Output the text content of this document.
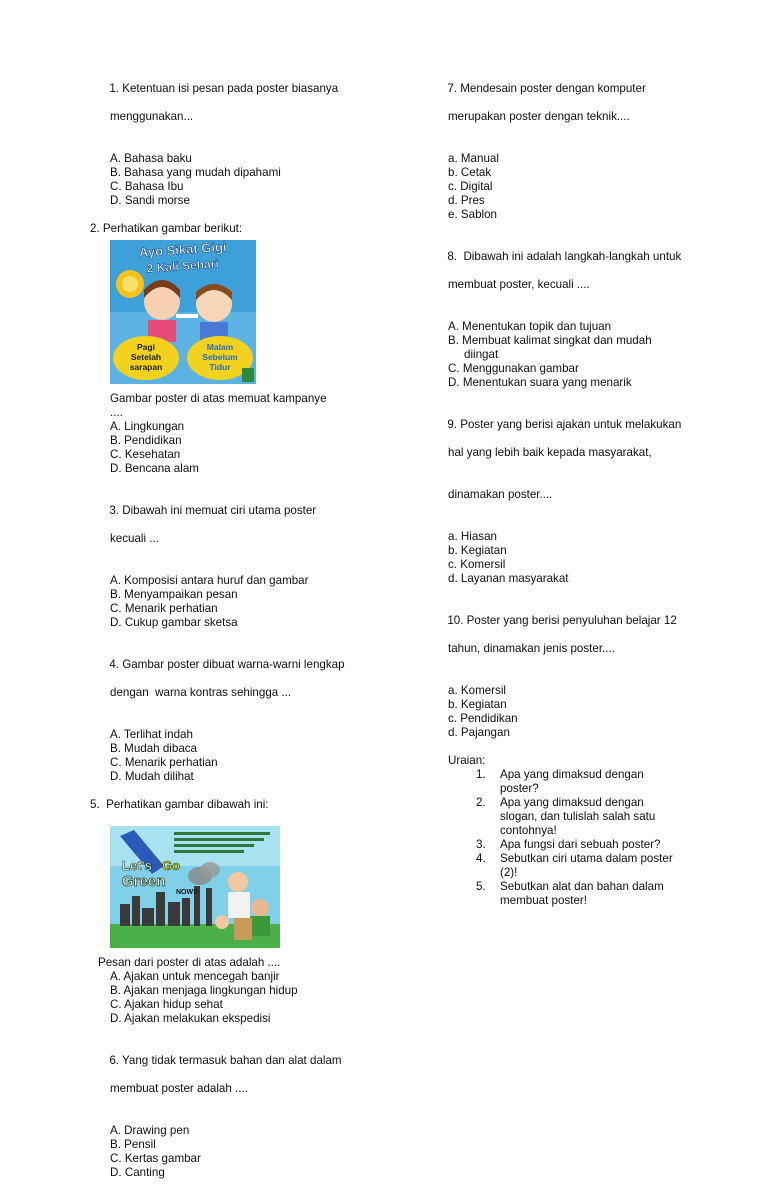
1. Ketentuan isi pesan pada poster biasanya

menggunakan...

A. Bahasa baku
B. Bahasa yang mudah dipahami
C. Bahasa Ibu
D. Sandi morse
2. Perhatikan gambar berikut:
Ayo Sikat Gigi
2 Kali Sehari
Pagi
Setelah
sarapan
Malam
Sebelum
Tidur
Gambar poster di atas memuat kampanye
....
A. Lingkungan
B. Pendidikan
C. Kesehatan
D. Bencana alam

3. Dibawah ini memuat ciri utama poster

kecuali ...

A. Komposisi antara huruf dan gambar
B. Menyampaikan pesan
C. Menarik perhatian
D. Cukup gambar sketsa

4. Gambar poster dibuat warna-warni lengkap

dengan  warna kontras sehingga ...

A. Terlihat indah
B. Mudah dibaca
C. Menarik perhatian
D. Mudah dilihat
5.  Perhatikan gambar dibawah ini:
Let's Go
Green
NOW!!
Pesan dari poster di atas adalah ....
A. Ajakan untuk mencegah banjir
B. Ajakan menjaga lingkungan hidup
C. Ajakan hidup sehat
D. Ajakan melakukan ekspedisi

6. Yang tidak termasuk bahan dan alat dalam

membuat poster adalah ....

A. Drawing pen
B. Pensil
C. Kertas gambar
D. Canting

7. Mendesain poster dengan komputer

merupakan poster dengan teknik....

a. Manual
b. Cetak
c. Digital
d. Pres
e. Sablon

8.  Dibawah ini adalah langkah-langkah untuk

membuat poster, kecuali ....

A. Menentukan topik dan tujuan
B. Membuat kalimat singkat dan mudah
diingat
C. Menggunakan gambar
D. Menentukan suara yang menarik

9. Poster yang berisi ajakan untuk melakukan

hal yang lebih baik kepada masyarakat,

dinamakan poster....

a. Hiasan
b. Kegiatan
c. Komersil
d. Layanan masyarakat

10. Poster yang berisi penyuluhan belajar 12

tahun, dinamakan jenis poster....

a. Komersil
b. Kegiatan
c. Pendidikan
d. Pajangan
Uraian:
1.	Apa yang dimaksud dengan
poster?
2.	Apa yang dimaksud dengan
slogan, dan tulislah salah satu
contohnya!
3.	Apa fungsi dari sebuah poster?
4.	Sebutkan ciri utama dalam poster
(2)!
5.	Sebutkan alat dan bahan dalam
membuat poster!
